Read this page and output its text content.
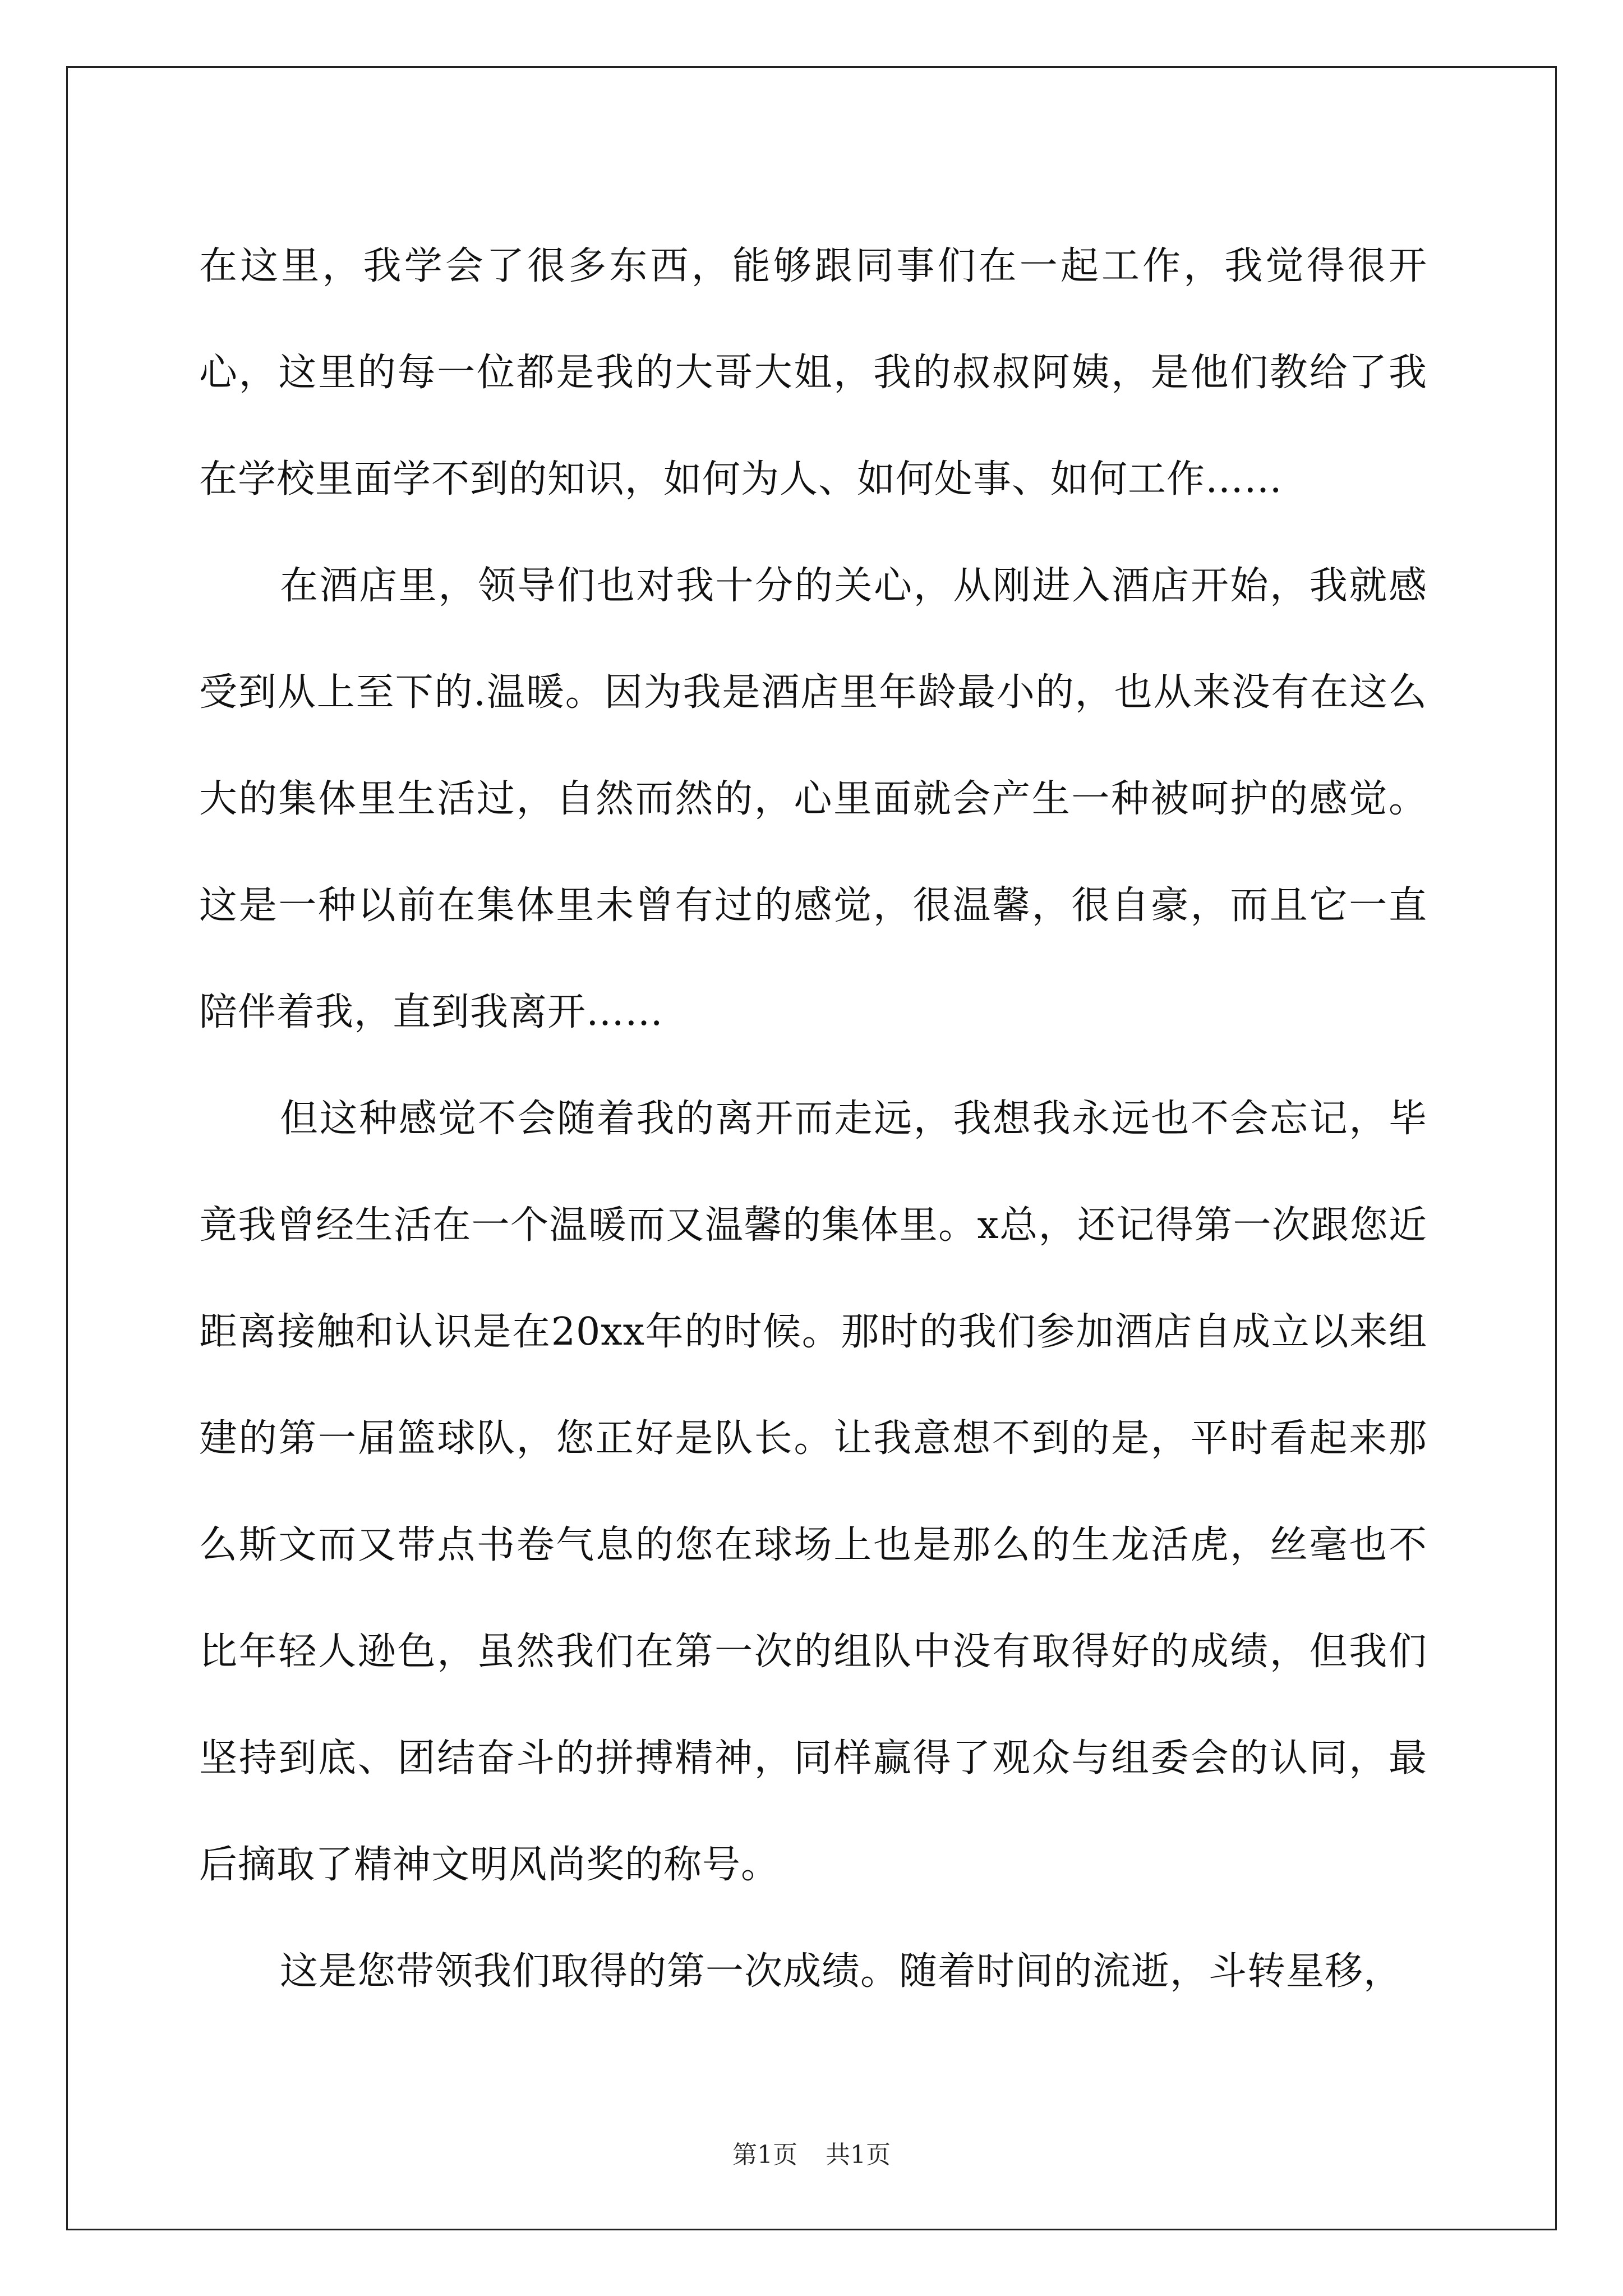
在这里，我学会了很多东西，能够跟同事们在一起工作，我觉得很开心，这里的每一位都是我的大哥大姐，我的叔叔阿姨，是他们教给了我在学校里面学不到的知识，如何为人、如何处事、如何工作……

在酒店里，领导们也对我十分的关心，从刚进入酒店开始，我就感受到从上至下的.温暖。因为我是酒店里年龄最小的，也从来没有在这么大的集体里生活过，自然而然的，心里面就会产生一种被呵护的感觉。这是一种以前在集体里未曾有过的感觉，很温馨，很自豪，而且它一直陪伴着我，直到我离开……

但这种感觉不会随着我的离开而走远，我想我永远也不会忘记，毕竟我曾经生活在一个温暖而又温馨的集体里。x总，还记得第一次跟您近距离接触和认识是在20xx年的时候。那时的我们参加酒店自成立以来组建的第一届篮球队，您正好是队长。让我意想不到的是，平时看起来那么斯文而又带点书卷气息的您在球场上也是那么的生龙活虎，丝毫也不比年轻人逊色，虽然我们在第一次的组队中没有取得好的成绩，但我们坚持到底、团结奋斗的拼搏精神，同样赢得了观众与组委会的认同，最后摘取了精神文明风尚奖的称号。

这是您带领我们取得的第一次成绩。随着时间的流逝，斗转星移，

第1页 共1页
